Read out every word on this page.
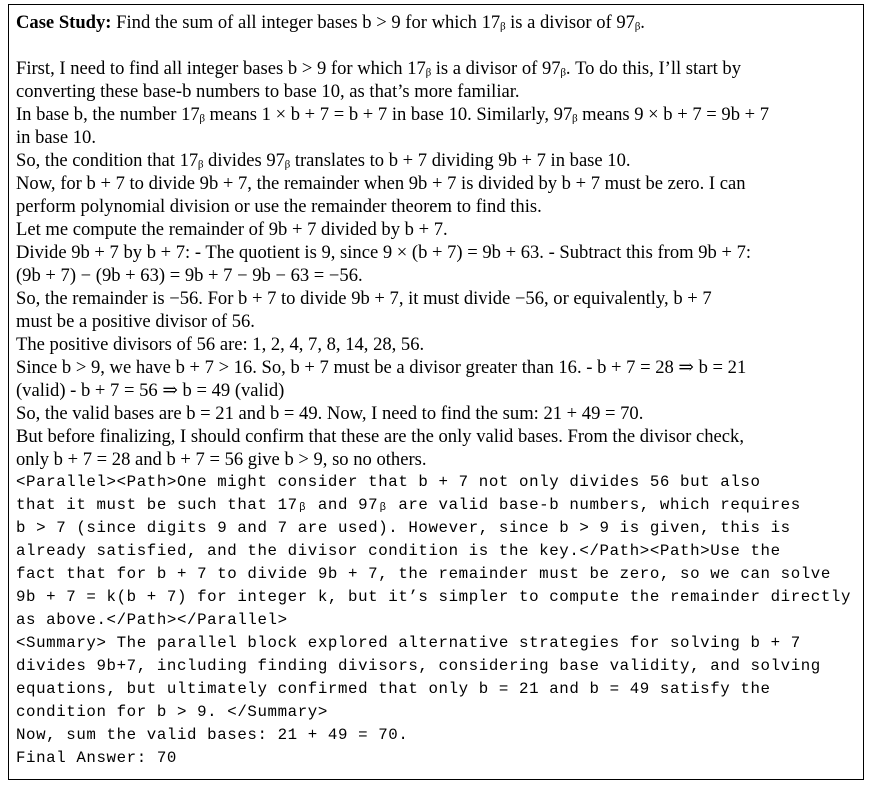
Case Study: Find the sum of all integer bases b > 9 for which 17ᵦ is a divisor of 97ᵦ.

First, I need to find all integer bases b > 9 for which 17ᵦ is a divisor of 97ᵦ. To do this, I’ll start by

converting these base-b numbers to base 10, as that’s more familiar.

In base b, the number 17ᵦ means 1 × b + 7 = b + 7 in base 10. Similarly, 97ᵦ means 9 × b + 7 = 9b + 7

in base 10.

So, the condition that 17ᵦ divides 97ᵦ translates to b + 7 dividing 9b + 7 in base 10.

Now, for b + 7 to divide 9b + 7, the remainder when 9b + 7 is divided by b + 7 must be zero. I can

perform polynomial division or use the remainder theorem to find this.

Let me compute the remainder of 9b + 7 divided by b + 7.

Divide 9b + 7 by b + 7: - The quotient is 9, since 9 × (b + 7) = 9b + 63. - Subtract this from 9b + 7:

(9b + 7) − (9b + 63) = 9b + 7 − 9b − 63 = −56.

So, the remainder is −56. For b + 7 to divide 9b + 7, it must divide −56, or equivalently, b + 7

must be a positive divisor of 56.

The positive divisors of 56 are: 1, 2, 4, 7, 8, 14, 28, 56.

Since b > 9, we have b + 7 > 16. So, b + 7 must be a divisor greater than 16. - b + 7 = 28 ⇒ b = 21

(valid) - b + 7 = 56 ⇒ b = 49 (valid)

So, the valid bases are b = 21 and b = 49. Now, I need to find the sum: 21 + 49 = 70.

But before finalizing, I should confirm that these are the only valid bases. From the divisor check,

only b + 7 = 28 and b + 7 = 56 give b > 9, so no others.

<Parallel><Path>One might consider that b + 7 not only divides 56 but also

that it must be such that 17ᵦ and 97ᵦ are valid base-b numbers, which requires

b > 7 (since digits 9 and 7 are used). However, since b > 9 is given, this is

already satisfied, and the divisor condition is the key.</Path><Path>Use the

fact that for b + 7 to divide 9b + 7, the remainder must be zero, so we can solve

9b + 7 = k(b + 7) for integer k, but it’s simpler to compute the remainder directly

as above.</Path></Parallel>

<Summary> The parallel block explored alternative strategies for solving b + 7

divides 9b+7, including finding divisors, considering base validity, and solving

equations, but ultimately confirmed that only b = 21 and b = 49 satisfy the

condition for b > 9. </Summary>

Now, sum the valid bases: 21 + 49 = 70.

Final Answer: 70
